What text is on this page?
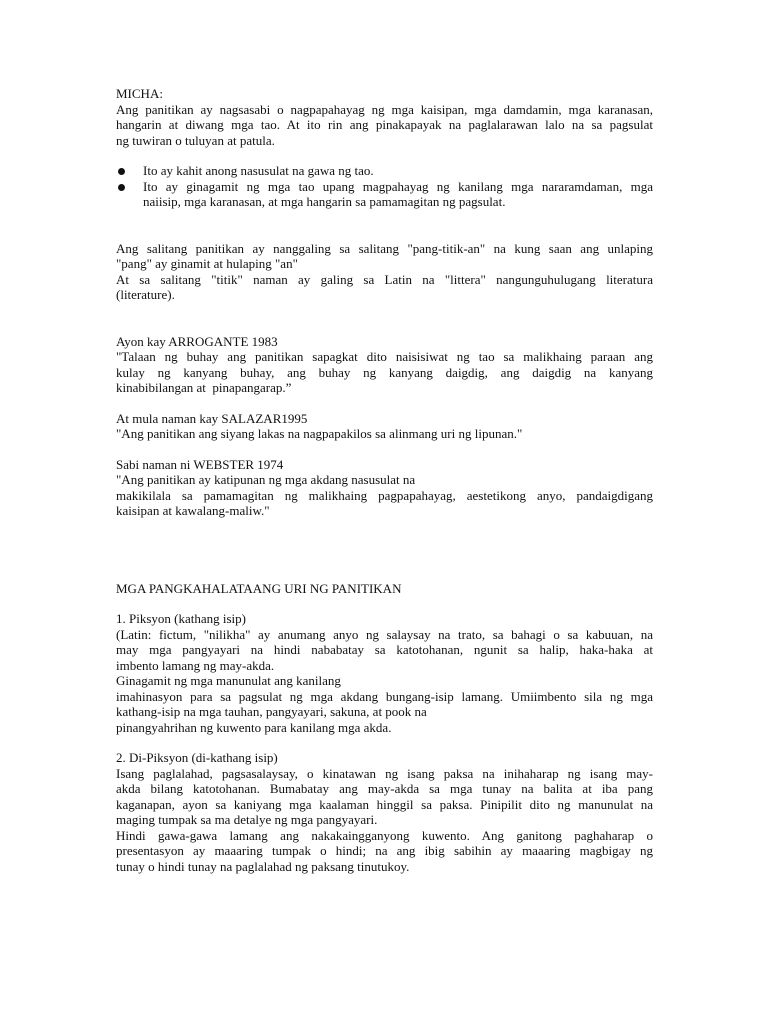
MICHA:
Ang panitikan ay nagsasabi o nagpapahayag ng mga kaisipan, mga damdamin, mga karanasan,
hangarin at diwang mga tao. At ito rin ang pinakapayak na paglalarawan lalo na sa pagsulat
ng tuwiran o tuluyan at patula.
Ito ay kahit anong nasusulat na gawa ng tao.
Ito ay ginagamit ng mga tao upang magpahayag ng kanilang mga nararamdaman, mga
naiisip, mga karanasan, at mga hangarin sa pamamagitan ng pagsulat.
Ang salitang panitikan ay nanggaling sa salitang "pang-titik-an" na kung saan ang unlaping
"pang" ay ginamit at hulaping "an"
At sa salitang "titik" naman ay galing sa Latin na "littera" nangunguhulugang literatura
(literature).
Ayon kay ARROGANTE 1983
"Talaan ng buhay ang panitikan sapagkat dito naisisiwat ng tao sa malikhaing paraan ang
kulay ng kanyang buhay, ang buhay ng kanyang daigdig, ang daigdig na kanyang
kinabibilangan at  pinapangarap.”
At mula naman kay SALAZAR1995
"Ang panitikan ang siyang lakas na nagpapakilos sa alinmang uri ng lipunan."
Sabi naman ni WEBSTER 1974
"Ang panitikan ay katipunan ng mga akdang nasusulat na
makikilala sa pamamagitan ng malikhaing pagpapahayag, aestetikong anyo, pandaigdigang
kaisipan at kawalang-maliw."
MGA PANGKAHALATAANG URI NG PANITIKAN
1. Piksyon (kathang isip)
(Latin: fictum, "nilikha" ay anumang anyo ng salaysay na trato, sa bahagi o sa kabuuan, na
may mga pangyayari na hindi nababatay sa katotohanan, ngunit sa halip, haka-haka at
imbento lamang ng may-akda.
Ginagamit ng mga manunulat ang kanilang
imahinasyon para sa pagsulat ng mga akdang bungang-isip lamang. Umiimbento sila ng mga
kathang-isip na mga tauhan, pangyayari, sakuna, at pook na
pinangyahrihan ng kuwento para kanilang mga akda.
2. Di-Piksyon (di-kathang isip)
Isang paglalahad, pagsasalaysay, o kinatawan ng isang paksa na inihaharap ng isang may-
akda bilang katotohanan. Bumabatay ang may-akda sa mga tunay na balita at iba pang
kaganapan, ayon sa kaniyang mga kaalaman hinggil sa paksa. Pinipilit dito ng manunulat na
maging tumpak sa ma detalye ng mga pangyayari.
Hindi gawa-gawa lamang ang nakakaingganyong kuwento. Ang ganitong paghaharap o
presentasyon ay maaaring tumpak o hindi; na ang ibig sabihin ay maaaring magbigay ng
tunay o hindi tunay na paglalahad ng paksang tinutukoy.
